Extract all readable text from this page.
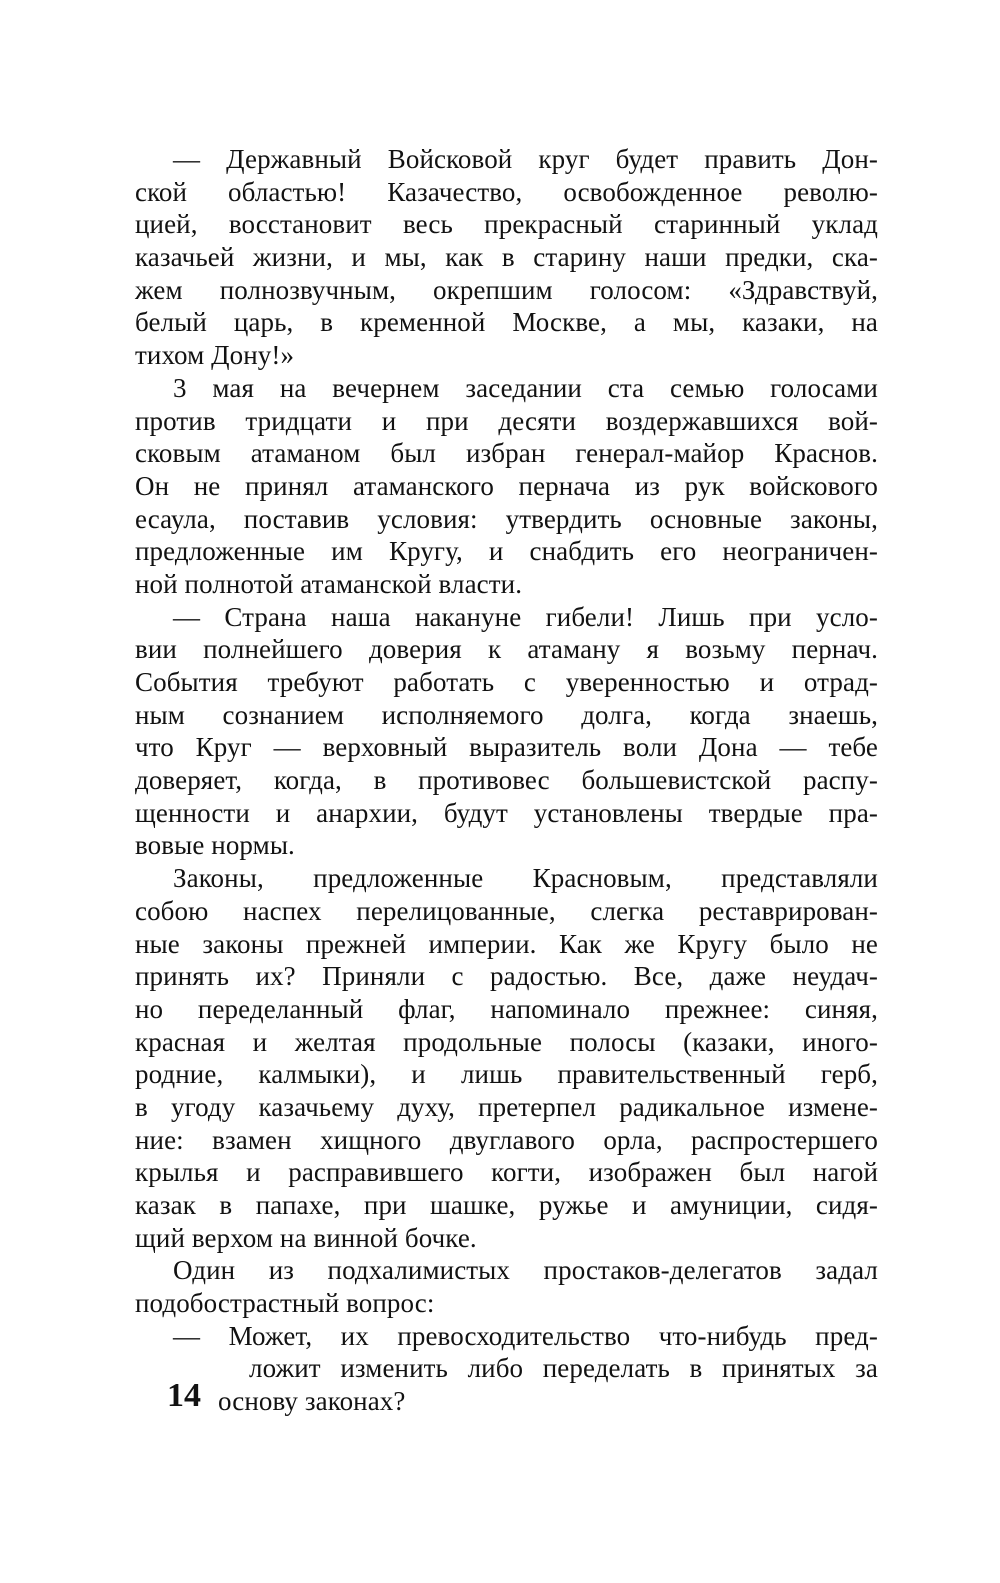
— Державный Войсковой круг будет править Дон-
ской областью! Казачество, освобожденное револю-
цией, восстановит весь прекрасный старинный уклад
казачьей жизни, и мы, как в старину наши предки, ска-
жем полнозвучным, окрепшим голосом: «Здравствуй,
белый царь, в кременной Москве, а мы, казаки, на
тихом Дону!»
3 мая на вечернем заседании ста семью голосами
против тридцати и при десяти воздержавшихся вой-
сковым атаманом был избран генерал-майор Краснов.
Он не принял атаманского пернача из рук войскового
есаула, поставив условия: утвердить основные законы,
предложенные им Кругу, и снабдить его неограничен-
ной полнотой атаманской власти.
— Страна наша накануне гибели! Лишь при усло-
вии полнейшего доверия к атаману я возьму пернач.
События требуют работать с уверенностью и отрад-
ным сознанием исполняемого долга, когда знаешь,
что Круг — верховный выразитель воли Дона — тебе
доверяет, когда, в противовес большевистской распу-
щенности и анархии, будут установлены твердые пра-
вовые нормы.
Законы, предложенные Красновым, представляли
собою наспех перелицованные, слегка реставрирован-
ные законы прежней империи. Как же Кругу было не
принять их? Приняли с радостью. Все, даже неудач-
но переделанный флаг, напоминало прежнее: синяя,
красная и желтая продольные полосы (казаки, иного-
родние, калмыки), и лишь правительственный герб,
в угоду казачьему духу, претерпел радикальное измене-
ние: взамен хищного двуглавого орла, распростершего
крылья и расправившего когти, изображен был нагой
казак в папахе, при шашке, ружье и амуниции, сидя-
щий верхом на винной бочке.
Один из подхалимистых простаков-делегатов задал
подобострастный вопрос:
— Может, их превосходительство что-нибудь пред-
ложит изменить либо переделать в принятых за
основу законах?
14
